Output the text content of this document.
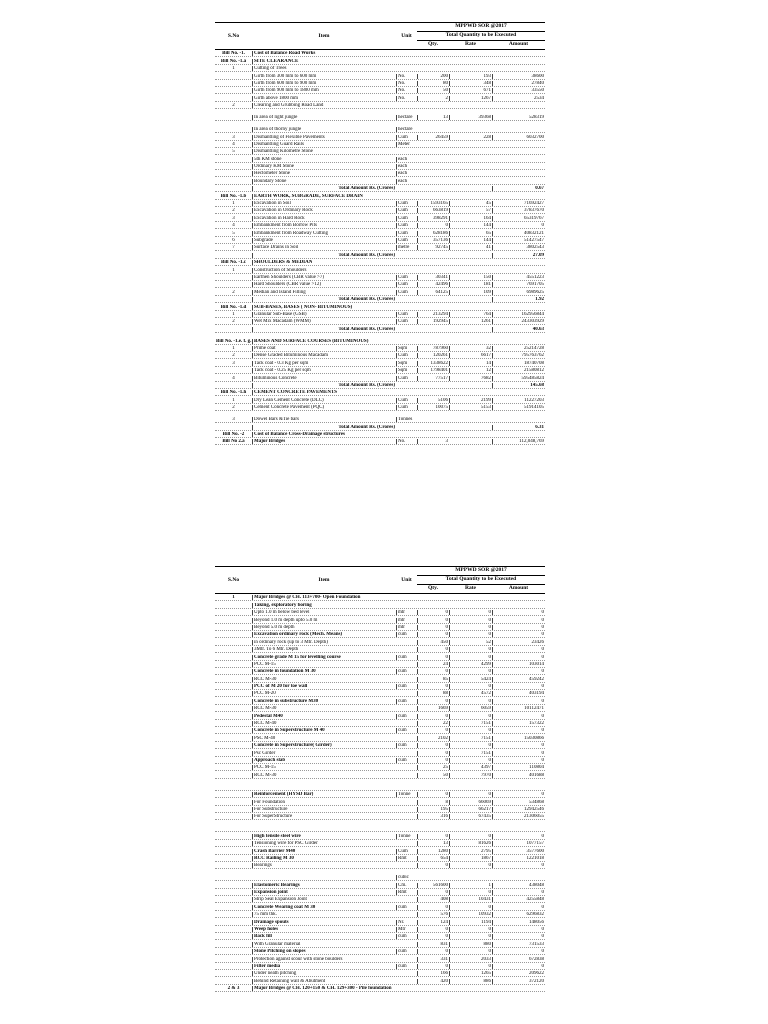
S.No	Item	Unit
MPPWD SOR @2017
Total Quantity to be Executed
Qty.	Rate	Amount
Bill No. -1.	Cost of Balance Road Works
Bill No. -1.a	SITE CLEARANCE
1	Cutting of Trees
Girth from 300 mm to 600 mm	No.	200	193	38600
Girth from 600 mm to 900 mm	No.	80	348	27840
Girth from 900 mm to 1800 mm	No.	50	671	33550
Girth above 1800 mm	No.	2	1267	2534
2	Clearing and Grubbing Road Land
In area of light jungle	hectare	13	39368	528319
In area of thorny jungle	hectare
3	Dismantling of Flexible Pavements	Cum	26459	228	6032700
4	Dismantling Guard Rails	Meter
5	Dismantling Kilometre Stone
5th KM stone	each
Ordinary KM Stone	each
Hectometer Stone	each
Boundary Stone	each
Total Amount Rs. (Crores)	0.67
Bill No. -1.b	EARTH WORK, SUBGRADE, SURFACE DRAIN
1	Excavation in Soil	Cum	1593165	45	71692427
2	Excavation in Ordinary Rock	Cum	663819	57	37837670
3	Excavation in Hard Rock	Cum	398291	164	65319767
4	Embankment from Borrow Pits	Cum	0	144	0
5	Embankment from Roadway Cutting	Cum	628186	65	40832121
6	Subgrade	Cum	357136	144	51427547
7	Surface Drains in Soil	metre	92745	41	3802543
Total Amount Rs. (Crores)	27.09
Bill No. -1.c	SHOULDERS & MEDIAN
1	Construction of Shoulders
Earthen Shoulders (CBR value >7)	Cum	30341	150	4551223
Hard Shoulders (CBR value >12)	Cum	42496	181	7691705
2	Median and Island Filling	Cum	64125	109	6989625
Total Amount Rs. (Crores)	1.92
Bill No. -1.d	SUB-BASES, BASES ( NON- BITUMINOUS)
1	Granular Sub-Base (GSB)	Cum	213294	764	162956844
2	Wet Mix Macadam (WMM)	Cum	192945	1261	243303929
Total Amount Rs. (Crores)	40.63
Bill No. -1.e. f. g. BASES AND SURFACE COURSES (BITUMINOUS)
1	Prime coat	Sqm	787960	32	25214728
2	Dense Graded Bituminous Macadam	Cum	120261	6617	795763762
3	Tack coat - 0.3 Kg per sqm	Sqm	1338622	14	18740708
Tack coat - 0.25 Kg per sqm	Sqm	1798401	12	21580812
4	Bituminous Concrete	Cum	77517	7682	595485824
Total Amount Rs. (Crores)	145.68
Bill No. -1.h	CEMENT CONCRETE PAVEMENTS
1	Dry Lean Cement Concrete (DLC)	Cum	5106	2199	11227203
2	Cement Concrete Pavement (PQC)	Cum	10075	5153	51914105
3	Dowel Bars &Tie bars	Tonnes
Total Amount Rs. (Crores)	6.31
Bill No. -2	Cost of Balance Cross-Drainage structures
Bill No 2.a	Major Bridges	No.	3	112,048,769
S.No	Item	Unit
MPPWD SOR @2017
Total Quantity to be Executed
Qty.	Rate	Amount
1	Major Bridges @ CH. 113+700- Open Foundation
Taking, exploratory boring
Upto 1.0 m below bed level	mtr	0	0	0
Beyond 1.0 m depth upto 5.0 m	mtr	0	0	0
Beyond 5.0 m depth	mtr	0	0	0
Excavation ordinary rock (Mech. Means)	cum	0	0	0
in ordinary rock (up to 3 Mtr. Depth)	450	52	23426
3Mtr. To 6 Mtr. Depth	0	0	0
Concrete grade M 15 for levelling course	cum	0	0	0
PCC M-15	24	4299	103014
Concrete in foundation M 30	cum	0	0	0
RCC M-30	85	5424	459242
PCC of M 20 for toe wall	cum	0	0	0
PCC M-20	88	4572	403194
Concrete in substructure M30	cum	0	0	0
RCC M-30	1669	6059	10112471
Pedestal M40	cum	0	0	0
RCC M-40	22	7151	157322
Concrete in Superstructure M 40	cum	0	0	0
PSC M-40	2102	7151	15030866
Concrete in Superstructure( Girder)	cum	0	0	0
Psc Girder	0	7151	0
Approach slab	cum	0	0	0
PCC M-15	25	4397	110804
RCC M-30	50	7970	401688
Reinforcement (HYSD Bar)	Tonne	0	0	0
For Foundation	8	66069	534868
For Substructure	195	66217	12942546
For SuperStructure	316	67435	21306055
High tensile steel wire	Tonne	0	0	0
Tensioning wire for PSC Girder	13	81626	1077157
Crash Barrier M40	Cum	1280	2795	3577600
RCC Railing M 30	Rmt	654	1867	1221018
Bearings	0	0	0
cubic
Elastomeric Bearings	Cm.	561600	1	438048
Expansion joint	Rmt	0	0	0
Strip Seal Expansion Joint	408	10431	4255848
Concrete Wearing coat M 30	cum	0	0	0
75 mm thk.	576	10932	6296832
Drainage spouts	Nr.	124	1194	148056
Weep holes	Mtr	0	0	0
Back fill	cum	0	0	0
With Granular material	831	880	731533
Stone Pitching on slopes	cum	0	0	0
Protection against scour with stone boulders	331	2033	672838
Filter media	cum	0	0	0
Under neath pitching	166	1265	209622
Behind Retaining wall & Abutment	420	886	372120
2 & 3	Major Bridges @ CH. 120+150 & CH. 129+300 - Pile foundation
